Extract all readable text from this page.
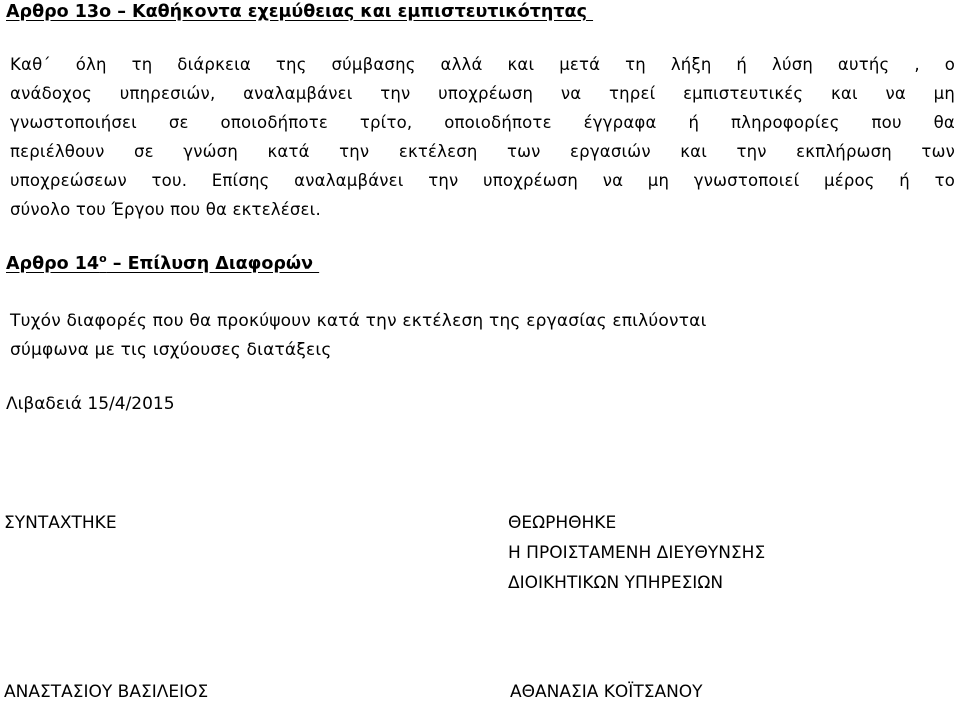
Αρθρο 13ο – Καθήκοντα εχεμύθειας και εμπιστευτικότητας
Καθ΄ όλη τη διάρκεια της σύμβασης αλλά και μετά τη λήξη ή λύση αυτής , ο
ανάδοχος υπηρεσιών, αναλαμβάνει την υποχρέωση να τηρεί εμπιστευτικές και να μη
γνωστοποιήσει σε οποιοδήποτε τρίτο, οποιοδήποτε έγγραφα ή πληροφορίες που θα
περιέλθουν σε γνώση κατά την εκτέλεση των εργασιών και την εκπλήρωση των
υποχρεώσεων του. Επίσης αναλαμβάνει την υποχρέωση να μη γνωστοποιεί μέρος ή το
σύνολο του Έργου που θα εκτελέσει.
Αρθρο $14^o$ – Επίλυση Διαφορών
Τυχόν διαφορές που θα προκύψουν κατά την εκτέλεση της εργασίας επιλύονται
σύμφωνα με τις ισχύουσες διατάξεις
Λιβαδειά 15/4/2015
ΣΥΝΤΑΧΤΗΚΕ	ΘΕΩΡΗΘΗΚΕ
Η ΠΡΟΙΣΤΑΜΕΝΗ ΔΙΕΥΘΥΝΣΗΣ
ΔΙΟΙΚΗΤΙΚΩΝ ΥΠΗΡΕΣΙΩΝ
ΑΝΑΣΤΑΣΙΟΥ ΒΑΣΙΛΕΙΟΣ	ΑΘΑΝΑΣΙΑ ΚΟΪΤΣΑΝΟΥ
